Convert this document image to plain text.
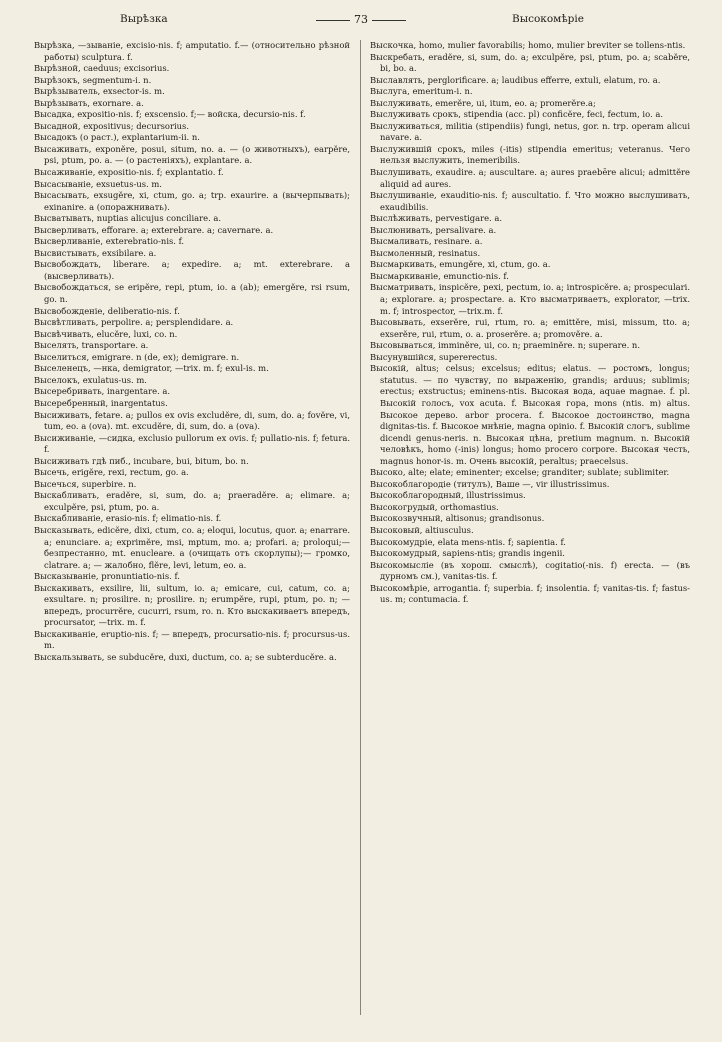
Вырѣзка	73	Высокомѣріе

Вырѣзка, —зываніе, excisio-nis. f; amputatio. f.— (относительно рѣзной работы) sculptura. f.

Вырѣзной, caeduus; excisorius.

Вырѣзокъ, segmentum-i. n.

Вырѣзыватель, exsector-is. m.

Вырѣзывать, exornare. a.

Высадка, expositio-nis. f; exscensio. f;— войска, decursio-nis. f.

Высадной, expositivus; decursorius.

Высадокъ (о раст.), explantarium-ii. n.

Высаживать, exponĕre, posui, situm, no. a. — (о животныхъ), earpĕre, psi, ptum, po. a. — (о растеніяхъ), explantare. a.

Высаживаніе, expositio-nis. f; explantatio. f.

Высасываніе, exsuetus-us. m.

Высасывать, exsugĕre, xi, ctum, go. a; trp. exaurire. a (вычерпывать); exinanire. a (опоражнивать).

Высватывать, nuptias alicujus conciliare. a.

Высверливать, efforare. a; exterebrare. a; cavernare. a.

Высверливаніе, exterebratio-nis. f.

Высвистывать, exsibilare. a.

Высвобождать, liberare. a; expedire. a; mt. exterebrare. a (высверливать).

Высвобождаться, se eripĕre, repi, ptum, io. a (ab); emergĕre, rsi rsum, go. n.

Высвобожденіе, deliberatio-nis. f.

Высвѣтливать, perpolire. a; persplendidare. a.

Высвѣчивать, elucĕre, luxi, co. n.

Выселять, transportare. a.

Выселиться, emigrare. n (de, ex); demigrare. n.

Выселенецъ, —нка, demigrator, —trix. m. f; exul-is. m.

Выселокъ, exulatus-us. m.

Высеребривать, inargentare. a.

Высеребренный, inargentatus.

Высиживать, fetare. a; pullos ex ovis excludĕre, di, sum, do. a; fovĕre, vi, tum, eo. a (ova). mt. excudĕre, di, sum, do. a (ova).

Высиживаніе, —сидка, exclusio pullorum ex ovis. f; pullatio-nis. f; fetura. f.

Высиживать гдѣ пиб., incubare, bui, bitum, bo. n.

Высечь, erigĕre, rexi, rectum, go. a.

Высечься, superbire. n.

Выскабливать, eradĕre, si, sum, do. a; praeradĕre. a; elimare. a; exculpĕre, psi, ptum, po. a.

Выскабливаніе, erasio-nis. f; elimatio-nis. f.

Высказывать, edicĕre, dixi, ctum, co. a; eloqui, locutus, quor. a; enarrare. a; enunciare. a; exprimĕre, msi, mptum, mo. a; profari. a; proloqui;— безпрестанно, mt. enucleare. a (очищать отъ скорлупы);— громко, clatrare. a; — жалобно, flĕre, levi, letum, eo. a.

Высказываніе, pronuntiatio-nis. f.

Выскакивать, exsilire, lii, sultum, io. a; emicare, cui, catum, co. a; exsultare. n; prosilire. n; prosilire. n; erumpĕre, rupi, ptum, po. n; — впередъ, procurrĕre, cucurri, rsum, ro. n. Кто выскакиваетъ впередъ, procursator, —trix. m. f.

Выскакиваніе, eruptio-nis. f; — впередъ, procursatio-nis. f; procursus-us. m.

Выскальзывать, se subducĕre, duxi, ductum, co. a; se subterducĕre. a.

Выскочка, homo, mulier favorabilis; homo, mulier breviter se tollens-ntis.

Выскребать, eradĕre, si, sum, do. a; exculpĕre, psi, ptum, po. a; scabĕre, bi, bo. a.

Выславлять, perglorificare. a; laudibus efferre, extuli, elatum, ro. a.

Выслуга, emeritum-i. n.

Выслуживать, emerĕre, ui, itum, eo. a; promerĕre.a;

Выслуживать срокъ, stipendia (acc. pl) conficĕre, feci, fectum, io. a.

Выслуживаться, militia (stipendiis) fungi, netus, gor. n. trp. operam alicui navare. a.

Выслужившій срокъ, miles (-itis) stipendia emeritus; veteranus. Чего нельзя выслужить, inemeribilis.

Выслушивать, exaudire. a; auscultare. a; aures praebēre alicui; admittĕre aliquid ad aures.

Выслушиваніе, exauditio-nis. f; auscultatio. f. Что можно выслушивать, exaudibilis.

Выслѣживать, pervestigare. a.

Выслюнивать, persalivare. a.

Высмаливать, resinare. a.

Высмоленный, resinatus.

Высмаркивать, emungĕre, xi, ctum, go. a.

Высмаркиваніе, emunctio-nis. f.

Высматривать, inspicĕre, pexi, pectum, io. a; introspicĕre. a; prospeculari. a; explorare. a; prospectare. a. Кто высматриваетъ, explorator, —trix. m. f; introspector, —trix.m. f.

Высовывать, exserĕre, rui, rtum, ro. a; emittĕre, misi, missum, tto. a; exserĕre, rui, rtum, o. a. proserĕre. a; promovĕre. a.

Высовываться, imminĕre, ui, co. n; praeminĕre. n; superare. n.

Высунувшійся, supererectus.

Высокій, altus; celsus; excelsus; editus; elatus. — ростомъ, longus; statutus. — по чувству, по выраженію, grandis; arduus; sublimis; erectus; exstructus; eminens-ntis. Высокая вода, aquae magnae. f. pl. Высокій голосъ, vox acuta. f. Высокая гора, mons (ntis. m) altus. Высокое дерево. arbor procera. f. Высокое достоинство, magna dignitas-tis. f. Высокое мнѣніе, magna opinio. f. Высокій слогъ, sublime dicendi genus-neris. n. Высокая цѣна, pretium magnum. n. Высокій человѣкъ, homo (-inis) longus; homo procero corpore. Высокая честь, magnus honor-is. m. Очень высокій, peraltus; praecelsus.

Высоко, alte; elate; eminenter; excelse; granditer; sublate; sublimiter.

Высокоблагородіе (титулъ), Ваше —, vir illustrissimus.

Высокоблагородный, illustrissimus.

Высокогрудый, orthomastius.

Высокозвучный, altisonus; grandisonus.

Высоковый, altiusculus.

Высокомудріе, elata mens-ntis. f; sapientia. f.

Высокомудрый, sapiens-ntis; grandis ingenii.

Высокомысліе (въ хорош. смыслѣ), cogitatio(-nis. f) erecta. — (въ дурномъ см.), vanitas-tis. f.

Высокомѣріе, arrogantia. f; superbia. f; insolentia. f; vanitas-tis. f; fastus-us. m; contumacia. f.
